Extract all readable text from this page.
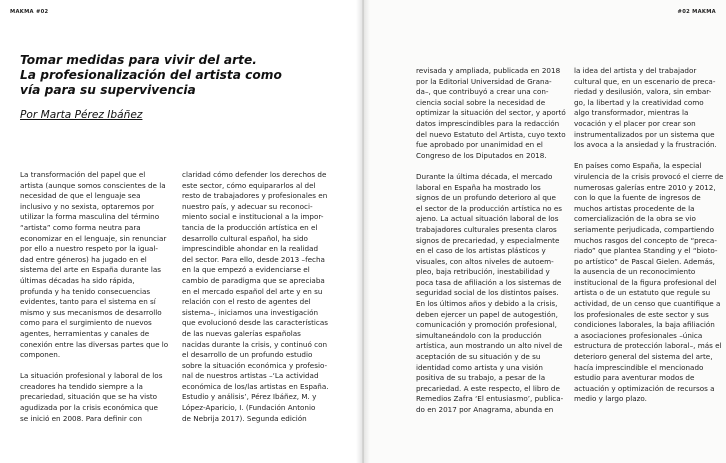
MAKMA #02
Tomar medidas para vivir del arte.
La profesionalización del artista como
vía para su supervivencia
Por Marta Pérez Ibáñez

La transformación del papel que el
artista (aunque somos conscientes de la
necesidad de que el lenguaje sea
inclusivo y no sexista, optaremos por
utilizar la forma masculina del término
“artista” como forma neutra para
economizar en el lenguaje, sin renunciar
por ello a nuestro respeto por la igual-
dad entre géneros) ha jugado en el
sistema del arte en España durante las
últimas décadas ha sido rápida,
profunda y ha tenido consecuencias
evidentes, tanto para el sistema en sí
mismo y sus mecanismos de desarrollo
como para el surgimiento de nuevos
agentes, herramientas y canales de
conexión entre las diversas partes que lo
componen.

La situación profesional y laboral de los
creadores ha tendido siempre a la
precariedad, situación que se ha visto
agudizada por la crisis económica que
se inició en 2008. Para definir con

claridad cómo defender los derechos de
este sector, cómo equipararlos al del
resto de trabajadores y profesionales en
nuestro país, y adecuar su reconoci-
miento social e institucional a la impor-
tancia de la producción artística en el
desarrollo cultural español, ha sido
imprescindible ahondar en la realidad
del sector. Para ello, desde 2013 –fecha
en la que empezó a evidenciarse el
cambio de paradigma que se apreciaba
en el mercado español del arte y en su
relación con el resto de agentes del
sistema–, iniciamos una investigación
que evolucionó desde las características
de las nuevas galerías españolas
nacidas durante la crisis, y continuó con
el desarrollo de un profundo estudio
sobre la situación económica y profesio-
nal de nuestros artistas –‘La actividad
económica de los/las artistas en España.
Estudio y análisis’, Pérez Ibáñez, M. y
López-Aparicio, I. (Fundación Antonio
de Nebrija 2017). Segunda edición

#02 MAKMA

revisada y ampliada, publicada en 2018
por la Editorial Universidad de Grana-
da–, que contribuyó a crear una con-
ciencia social sobre la necesidad de
optimizar la situación del sector, y aportó
datos imprescindibles para la redacción
del nuevo Estatuto del Artista, cuyo texto
fue aprobado por unanimidad en el
Congreso de los Diputados en 2018.

Durante la última década, el mercado
laboral en España ha mostrado los
signos de un profundo deterioro al que
el sector de la producción artística no es
ajeno. La actual situación laboral de los
trabajadores culturales presenta claros
signos de precariedad, y especialmente
en el caso de los artistas plásticos y
visuales, con altos niveles de autoem-
pleo, baja retribución, inestabilidad y
poca tasa de afiliación a los sistemas de
seguridad social de los distintos países.
En los últimos años y debido a la crisis,
deben ejercer un papel de autogestión,
comunicación y promoción profesional,
simultaneándolo con la producción
artística, aun mostrando un alto nivel de
aceptación de su situación y de su
identidad como artista y una visión
positiva de su trabajo, a pesar de la
precariedad. A este respecto, el libro de
Remedios Zafra ‘El entusiasmo’, publica-
do en 2017 por Anagrama, abunda en

la idea del artista y del trabajador
cultural que, en un escenario de preca-
riedad y desilusión, valora, sin embar-
go, la libertad y la creatividad como
algo transformador, mientras la
vocación y el placer por crear son
instrumentalizados por un sistema que
los avoca a la ansiedad y la frustración.

En países como España, la especial
virulencia de la crisis provocó el cierre de
numerosas galerías entre 2010 y 2012,
con lo que la fuente de ingresos de
muchos artistas procedente de la
comercialización de la obra se vio
seriamente perjudicada, compartiendo
muchos rasgos del concepto de “preca-
riado” que plantea Standing y el “bioto-
po artístico” de Pascal Gielen. Además,
la ausencia de un reconocimiento
institucional de la figura profesional del
artista o de un estatuto que regule su
actividad, de un censo que cuantifique a
los profesionales de este sector y sus
condiciones laborales, la baja afiliación
a asociaciones profesionales –única
estructura de protección laboral–, más el
deterioro general del sistema del arte,
hacía imprescindible el mencionado
estudio para aventurar modos de
actuación y optimización de recursos a
medio y largo plazo.
